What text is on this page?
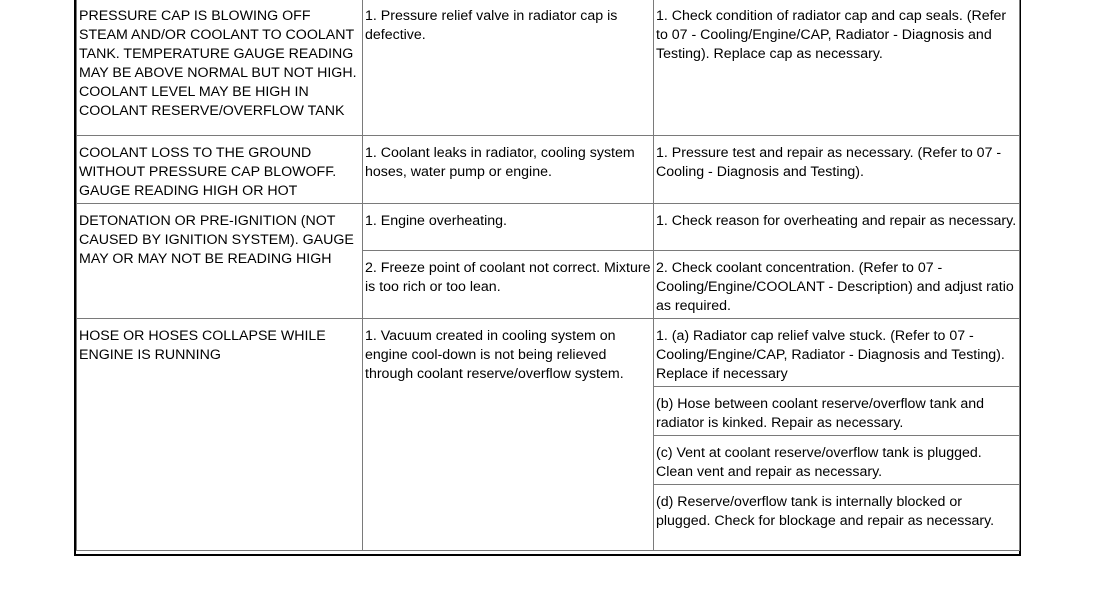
PRESSURE CAP IS BLOWING OFF STEAM AND/OR COOLANT TO COOLANT TANK. TEMPERATURE GAUGE READING MAY BE ABOVE NORMAL BUT NOT HIGH. COOLANT LEVEL MAY BE HIGH IN COOLANT RESERVE/OVERFLOW TANK	1. Pressure relief valve in radiator cap is defective.	1. Check condition of radiator cap and cap seals. (Refer to 07 - Cooling/Engine/CAP, Radiator - Diagnosis and Testing). Replace cap as necessary.
COOLANT LOSS TO THE GROUND WITHOUT PRESSURE CAP BLOWOFF. GAUGE READING HIGH OR HOT	1. Coolant leaks in radiator, cooling system hoses, water pump or engine.	1. Pressure test and repair as necessary. (Refer to 07 - Cooling - Diagnosis and Testing).
DETONATION OR PRE-IGNITION (NOT CAUSED BY IGNITION SYSTEM). GAUGE MAY OR MAY NOT BE READING HIGH	1. Engine overheating.	1. Check reason for overheating and repair as necessary.
	2. Freeze point of coolant not correct. Mixture is too rich or too lean.	2. Check coolant concentration. (Refer to 07 - Cooling/Engine/COOLANT - Description) and adjust ratio as required.
HOSE OR HOSES COLLAPSE WHILE ENGINE IS RUNNING	1. Vacuum created in cooling system on engine cool-down is not being relieved through coolant reserve/overflow system.	1. (a) Radiator cap relief valve stuck. (Refer to 07 - Cooling/Engine/CAP, Radiator - Diagnosis and Testing). Replace if necessary
		(b) Hose between coolant reserve/overflow tank and radiator is kinked. Repair as necessary.
		(c) Vent at coolant reserve/overflow tank is plugged. Clean vent and repair as necessary.
		(d) Reserve/overflow tank is internally blocked or plugged. Check for blockage and repair as necessary.
